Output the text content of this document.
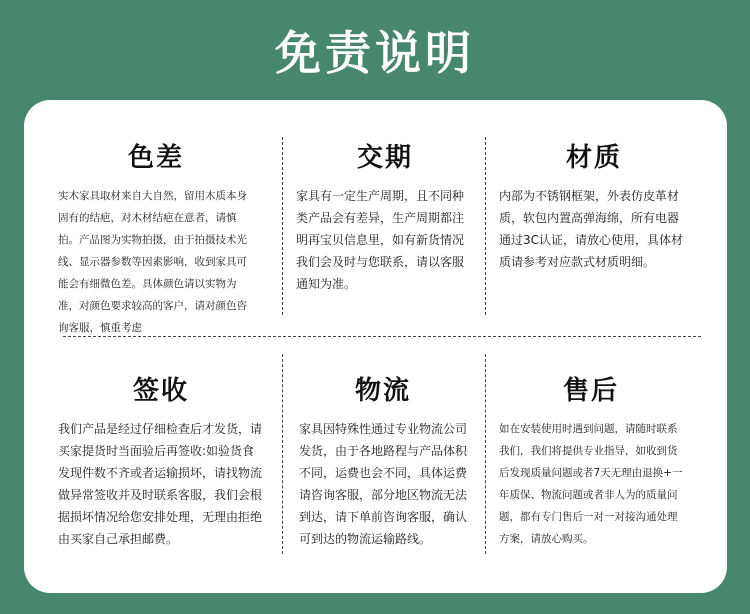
免责说明
色差
实木家具取材来自大自然，留用木质本身固有的结疤，对木材结疤在意者，请慎拍。产品图为实物拍摄，由于拍摄技术光线、显示器参数等因素影响，收到家具可能会有细微色差。具体颜色请以实物为准，对颜色要求较高的客户，请对颜色咨询客服，慎重考虑
交期
家具有一定生产周期，且不同种类产品会有差异，生产周期都注明再宝贝信息里，如有新货情况我们会及时与您联系，请以客服通知为准。
材质
内部为不锈钢框架，外表仿皮革材质，软包内置高弹海绵，所有电器通过3C认证，请放心使用，具体材质请参考对应款式材质明细。
签收
我们产品是经过仔细检查后才发货，请买家提货时当面验后再签收:如验货食发现件数不齐或者运输损坏，请找物流做异常签收并及时联系客服，我们会根据损坏情况给您安排处理，无理由拒绝由买家自己承担邮费。
物流
家具因特殊性通过专业物流公司发货，由于各地路程与产品体积不同，运费也会不同，具体运费请咨询客服，部分地区物流无法到达，请下单前咨询客服，确认可到达的物流运输路线。
售后
如在安装使用时遇到问题，请随时联系我们，我们将提供专业指导，如收到货后发现质量问题或者7天无理由退换+一年质保、物流问题或者非人为的质量问题，都有专门售后一对一对接沟通处理方案，请放心购买。
